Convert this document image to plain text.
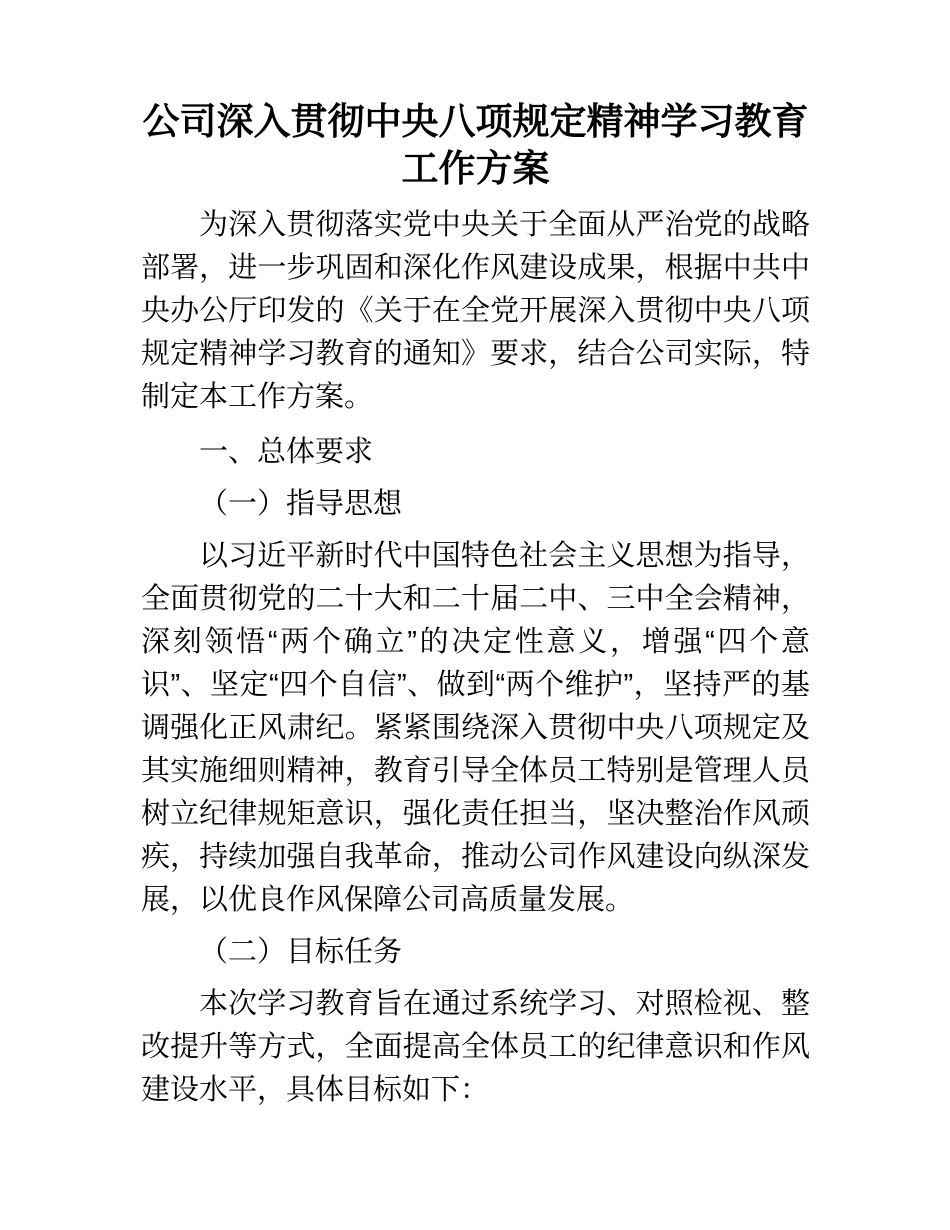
公司深入贯彻中央八项规定精神学习教育工作方案

为深入贯彻落实党中央关于全面从严治党的战略部署，进一步巩固和深化作风建设成果，根据中共中央办公厅印发的《关于在全党开展深入贯彻中央八项规定精神学习教育的通知》要求，结合公司实际，特制定本工作方案。

一、总体要求

（一）指导思想

以习近平新时代中国特色社会主义思想为指导，全面贯彻党的二十大和二十届二中、三中全会精神，深刻领悟“两个确立”的决定性意义，增强“四个意识”、坚定“四个自信”、做到“两个维护”，坚持严的基调强化正风肃纪。紧紧围绕深入贯彻中央八项规定及其实施细则精神，教育引导全体员工特别是管理人员树立纪律规矩意识，强化责任担当，坚决整治作风顽疾，持续加强自我革命，推动公司作风建设向纵深发展，以优良作风保障公司高质量发展。

（二）目标任务

本次学习教育旨在通过系统学习、对照检视、整改提升等方式，全面提高全体员工的纪律意识和作风建设水平，具体目标如下：
